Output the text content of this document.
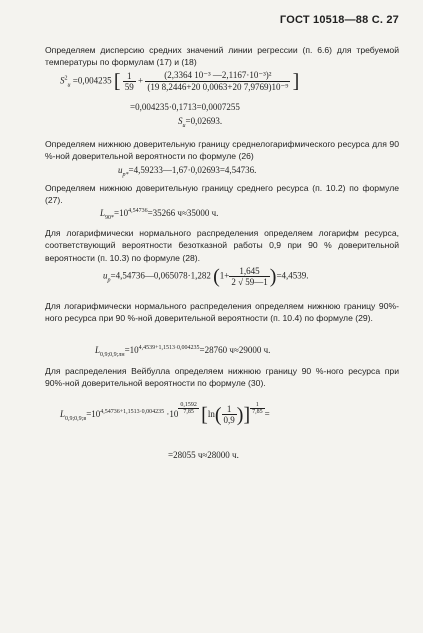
ГОСТ 10518—88 С. 27
Определяем дисперсию средних значений линии регрессии (п. 6.6) для требуемой температуры по формулам (17) и (18)
$S^2_u =0,004235$ [ $\frac{1}{59} + \frac{\text{(2,3364 10⁻³ —2,1167·10⁻³)²}}{\text{(19 8,2446+20 0,0063+20 7,9769)10⁻⁹}}$ ]
=0,004235·0,1713=0,0007255
$S_u=0,02693$.
Определяем нижнюю доверительную границу среднелогарифмического ресурса для 90 %-ной доверительной вероятности по формуле (26)
$u_{p*}=4,59233—1,67\cdot 0,02693=4,54736$.
Определяем нижнюю доверительную границу среднего ресурса (п. 10.2) по формуле (27).
$L_{90*}=10^{4,54736}=35266$ ч≈35000 ч.
Для логарифмически нормального распределения определяем логарифм ресурса, соответствующий вероятности безотказной работы 0,9 при 90 % доверительной вероятности (п. 10.3) по формуле (28).
$u_p=4,54736—0,065078\cdot 1,282$ $(1+ \frac{1,645}{2 √ 59—1} )=4,4539$.
Для логарифмически нормального распределения определяем нижнюю границу 90%-ного ресурса при 90 %-ной доверительной вероятности (п. 10.4) по формуле (29).
$L_{0,9;0,9;лн}=10^{4,4539+1,1513\cdot 0,004235}=28760$ ч≈29000 ч.
Для распределения Вейбулла определяем нижнюю границу 90 %-ного ресурса при 90%-ной доверительной вероятности по формуле (30).
$L_{0,9;0,9;в}=10^{4,54736+1,1513\cdot 0,004235} \cdot 10 \frac{0,1592}{7,85} [\ln( \frac{1}{0,9}$ )] $\frac{1}{7,85}$ =
=28055 ч≈28000 ч.
